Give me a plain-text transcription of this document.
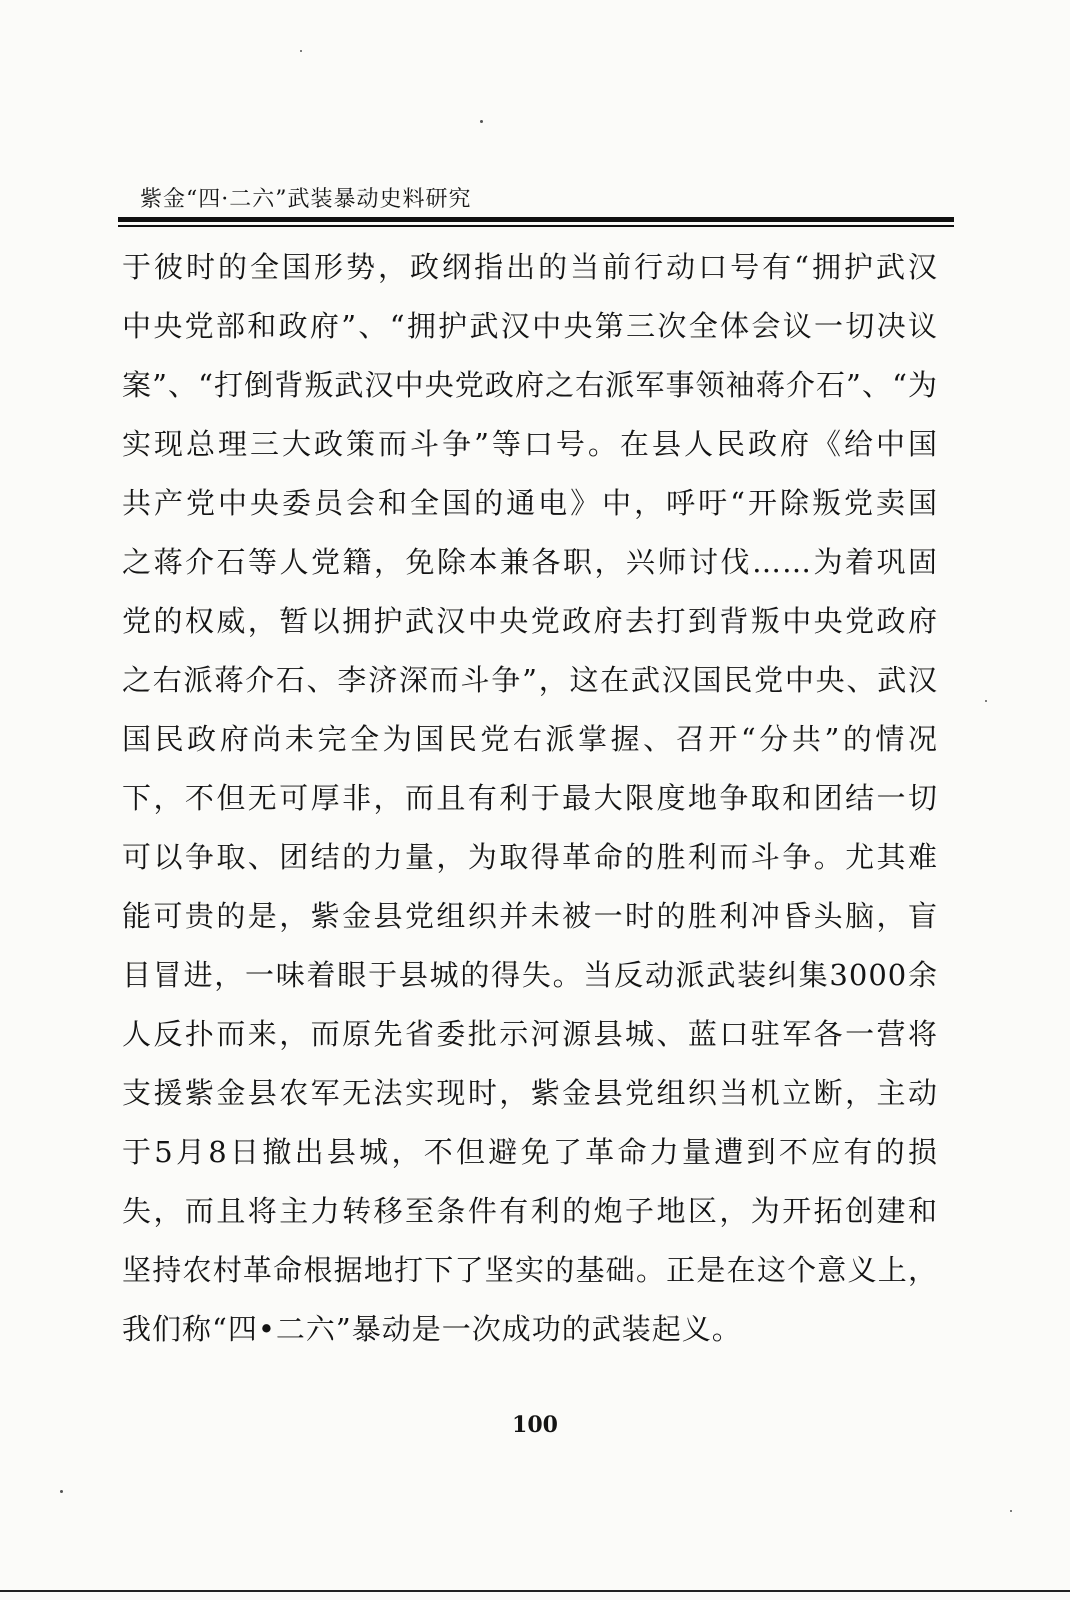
紫金“四·二六”武装暴动史料研究
于彼时的全国形势，政纲指出的当前行动口号有“拥护武汉
中央党部和政府”、“拥护武汉中央第三次全体会议一切决议
案”、“打倒背叛武汉中央党政府之右派军事领袖蒋介石”、“为
实现总理三大政策而斗争”等口号。在县人民政府《给中国
共产党中央委员会和全国的通电》中，呼吁“开除叛党卖国
之蒋介石等人党籍，免除本兼各职，兴师讨伐……为着巩固
党的权威，暂以拥护武汉中央党政府去打到背叛中央党政府
之右派蒋介石、李济深而斗争”，这在武汉国民党中央、武汉
国民政府尚未完全为国民党右派掌握、召开“分共”的情况
下，不但无可厚非，而且有利于最大限度地争取和团结一切
可以争取、团结的力量，为取得革命的胜利而斗争。尤其难
能可贵的是，紫金县党组织并未被一时的胜利冲昏头脑，盲
目冒进，一味着眼于县城的得失。当反动派武装纠集3000余
人反扑而来，而原先省委批示河源县城、蓝口驻军各一营将
支援紫金县农军无法实现时，紫金县党组织当机立断，主动
于5月8日撤出县城，不但避免了革命力量遭到不应有的损
失，而且将主力转移至条件有利的炮子地区，为开拓创建和
坚持农村革命根据地打下了坚实的基础。正是在这个意义上，
我们称“四•二六”暴动是一次成功的武装起义。
100
